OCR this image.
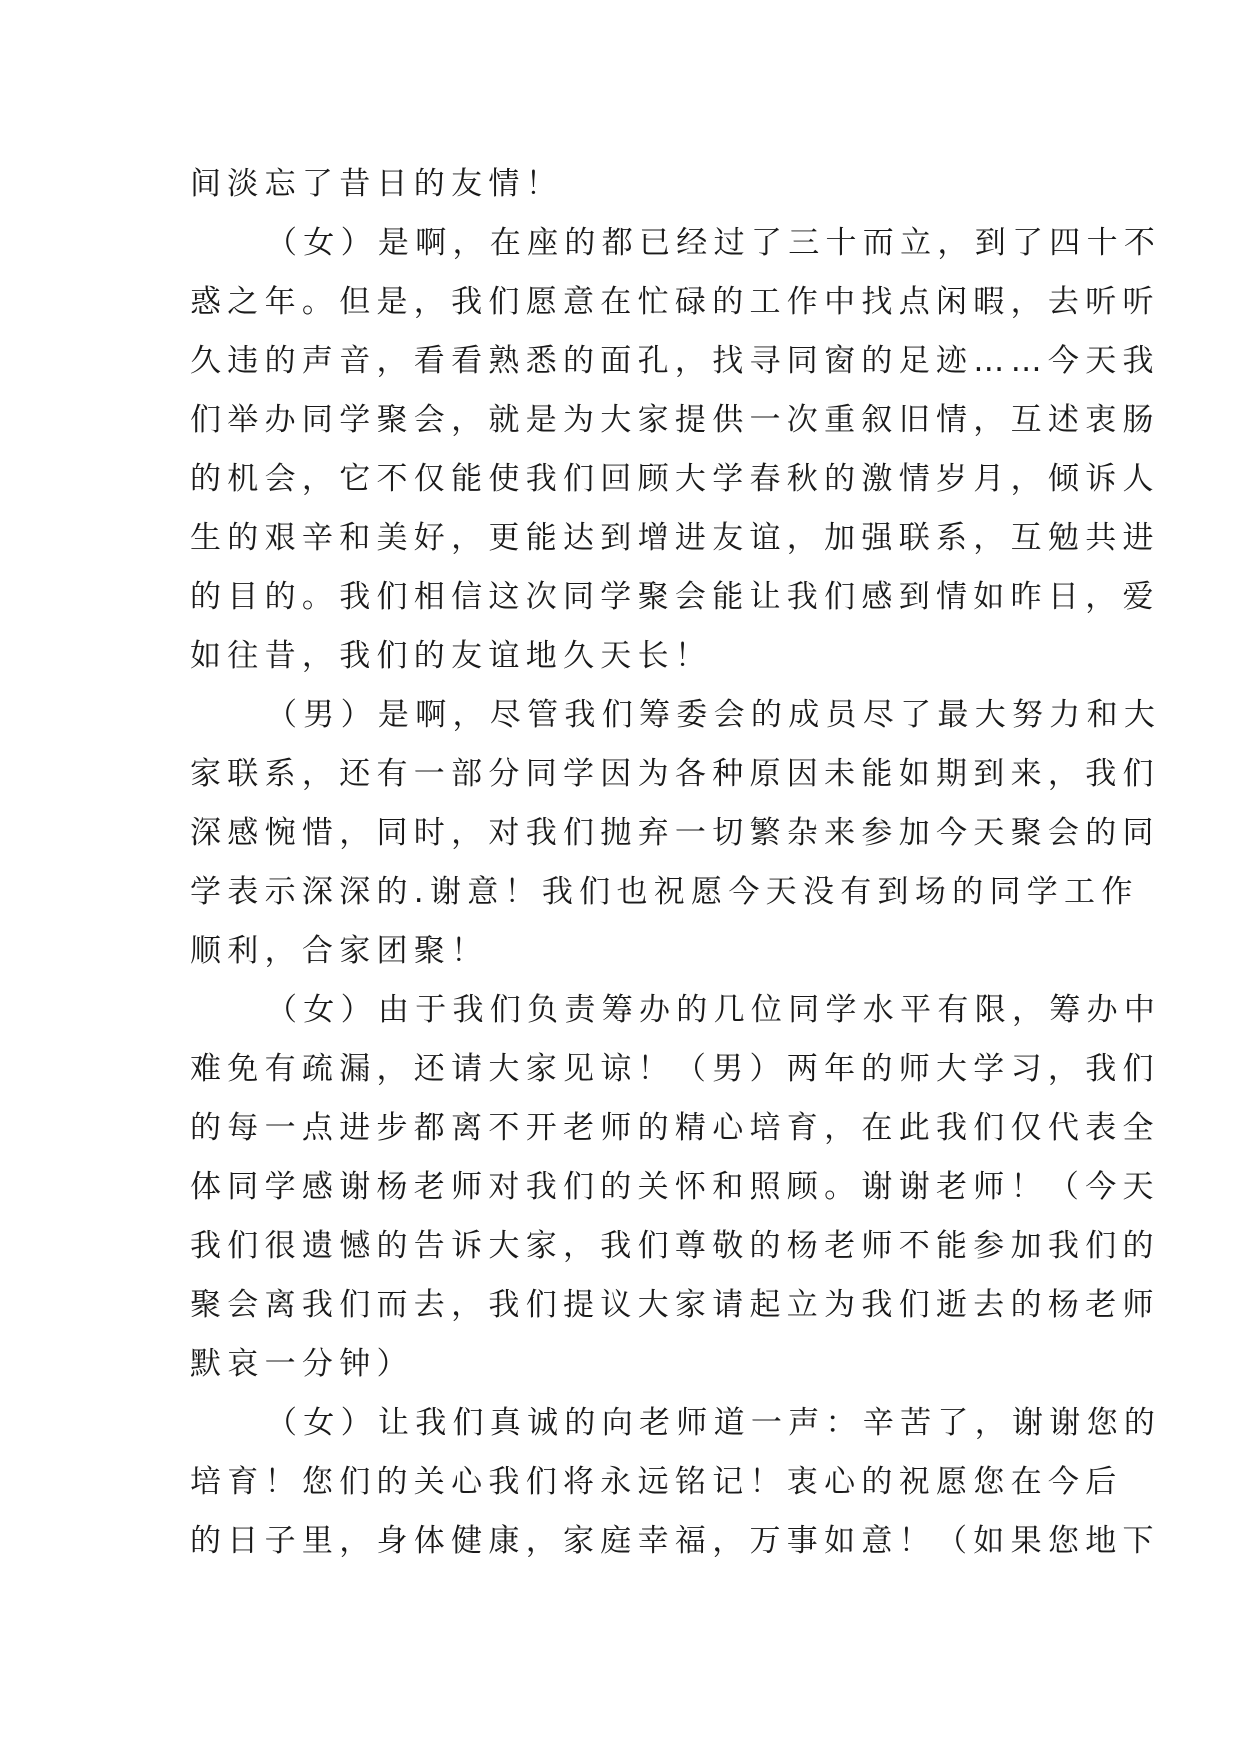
间淡忘了昔日的友情！
（女）是啊，在座的都已经过了三十而立，到了四十不
惑之年。但是，我们愿意在忙碌的工作中找点闲暇，去听听
久违的声音，看看熟悉的面孔，找寻同窗的足迹……今天我
们举办同学聚会，就是为大家提供一次重叙旧情，互述衷肠
的机会，它不仅能使我们回顾大学春秋的激情岁月，倾诉人
生的艰辛和美好，更能达到增进友谊，加强联系，互勉共进
的目的。我们相信这次同学聚会能让我们感到情如昨日，爱
如往昔，我们的友谊地久天长！
（男）是啊，尽管我们筹委会的成员尽了最大努力和大
家联系，还有一部分同学因为各种原因未能如期到来，我们
深感惋惜，同时，对我们抛弃一切繁杂来参加今天聚会的同
学表示深深的.谢意！我们也祝愿今天没有到场的同学工作
顺利，合家团聚！
（女）由于我们负责筹办的几位同学水平有限，筹办中
难免有疏漏，还请大家见谅！（男）两年的师大学习，我们
的每一点进步都离不开老师的精心培育，在此我们仅代表全
体同学感谢杨老师对我们的关怀和照顾。谢谢老师！（今天
我们很遗憾的告诉大家，我们尊敬的杨老师不能参加我们的
聚会离我们而去，我们提议大家请起立为我们逝去的杨老师
默哀一分钟）
（女）让我们真诚的向老师道一声：辛苦了，谢谢您的
培育！您们的关心我们将永远铭记！衷心的祝愿您在今后
的日子里，身体健康，家庭幸福，万事如意！（如果您地下
